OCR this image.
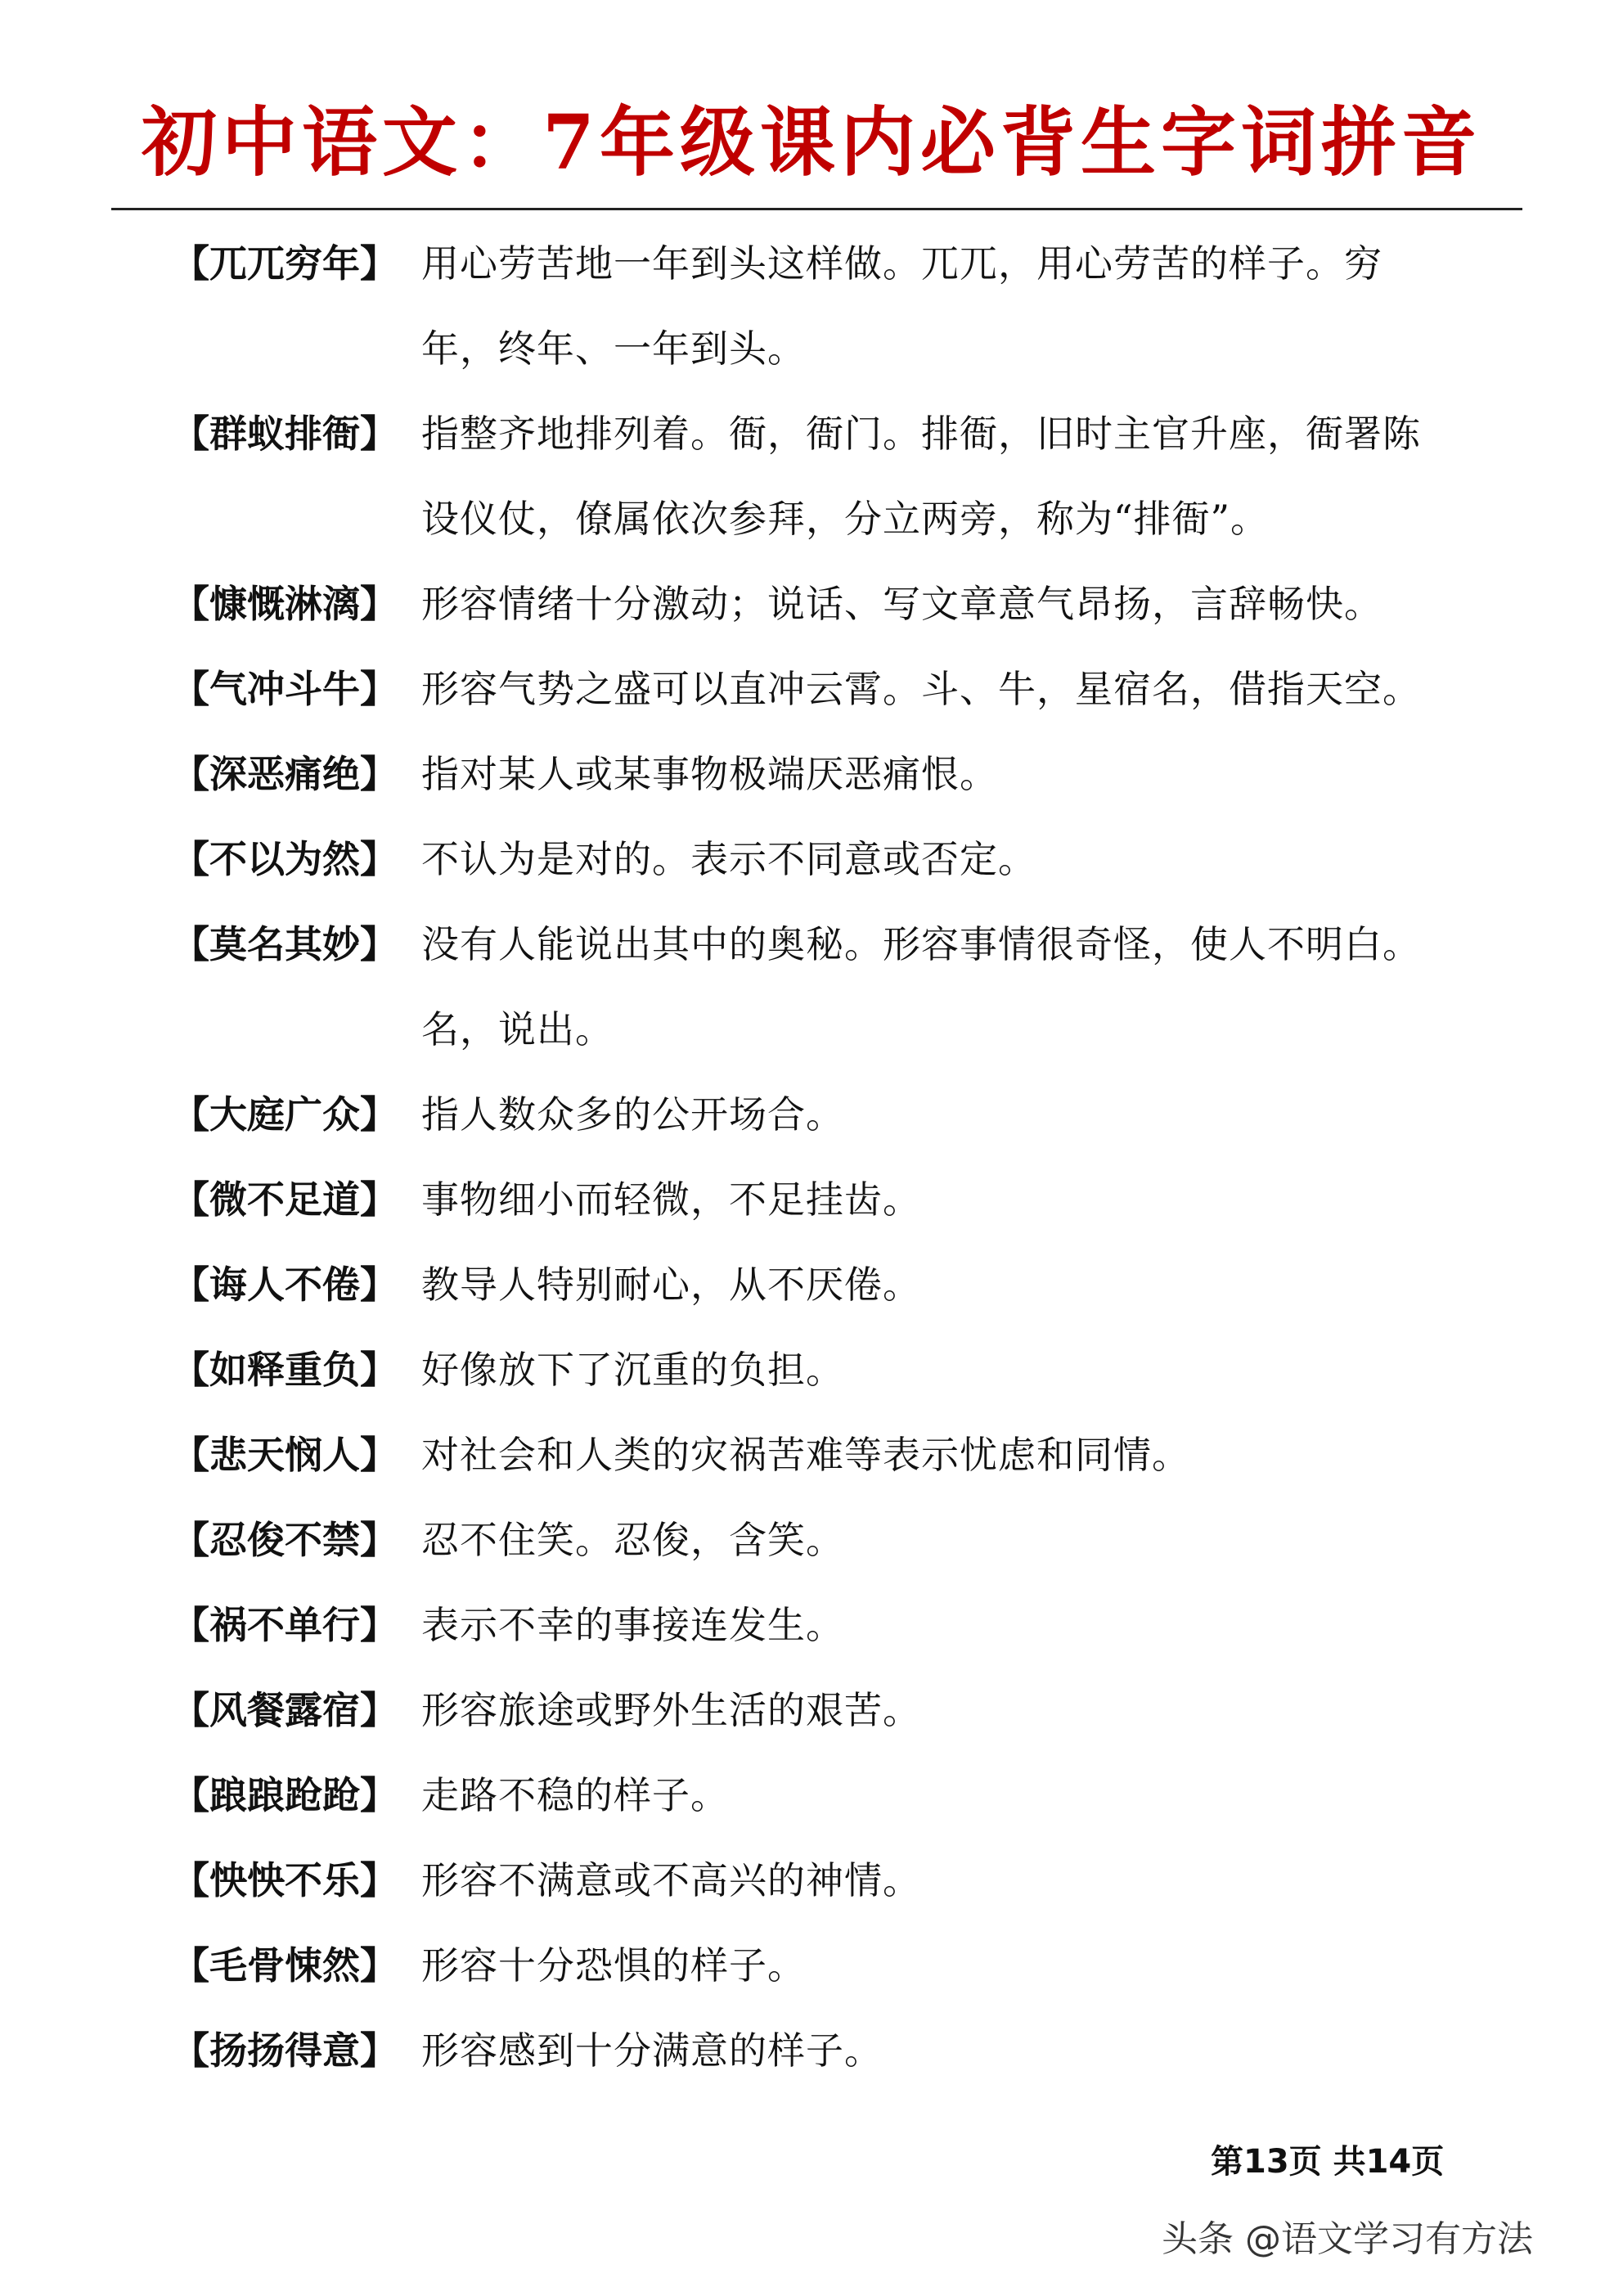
初中语文：7年级课内必背生字词拼音
【兀兀穷年】 用心劳苦地一年到头这样做。兀兀，用心劳苦的样子。穷
年，终年、一年到头。
【群蚁排衙】 指整齐地排列着。衙，衙门。排衙，旧时主官升座，衙署陈
设仪仗，僚属依次参拜，分立两旁，称为“排衙”。
【慷慨淋漓】 形容情绪十分激动；说话、写文章意气昂扬，言辞畅快。
【气冲斗牛】 形容气势之盛可以直冲云霄。斗、牛，星宿名，借指天空。
【深恶痛绝】 指对某人或某事物极端厌恶痛恨。
【不以为然】 不认为是对的。表示不同意或否定。
【莫名其妙】 没有人能说出其中的奥秘。形容事情很奇怪，使人不明白。
名，说出。
【大庭广众】 指人数众多的公开场合。
【微不足道】 事物细小而轻微，不足挂齿。
【诲人不倦】 教导人特别耐心，从不厌倦。
【如释重负】 好像放下了沉重的负担。
【悲天悯人】 对社会和人类的灾祸苦难等表示忧虑和同情。
【忍俊不禁】 忍不住笑。忍俊，含笑。
【祸不单行】 表示不幸的事接连发生。
【风餐露宿】 形容旅途或野外生活的艰苦。
【踉踉跄跄】 走路不稳的样子。
【怏怏不乐】 形容不满意或不高兴的神情。
【毛骨悚然】 形容十分恐惧的样子。
【扬扬得意】 形容感到十分满意的样子。
第13页 共14页
头条 @语文学习有方法
